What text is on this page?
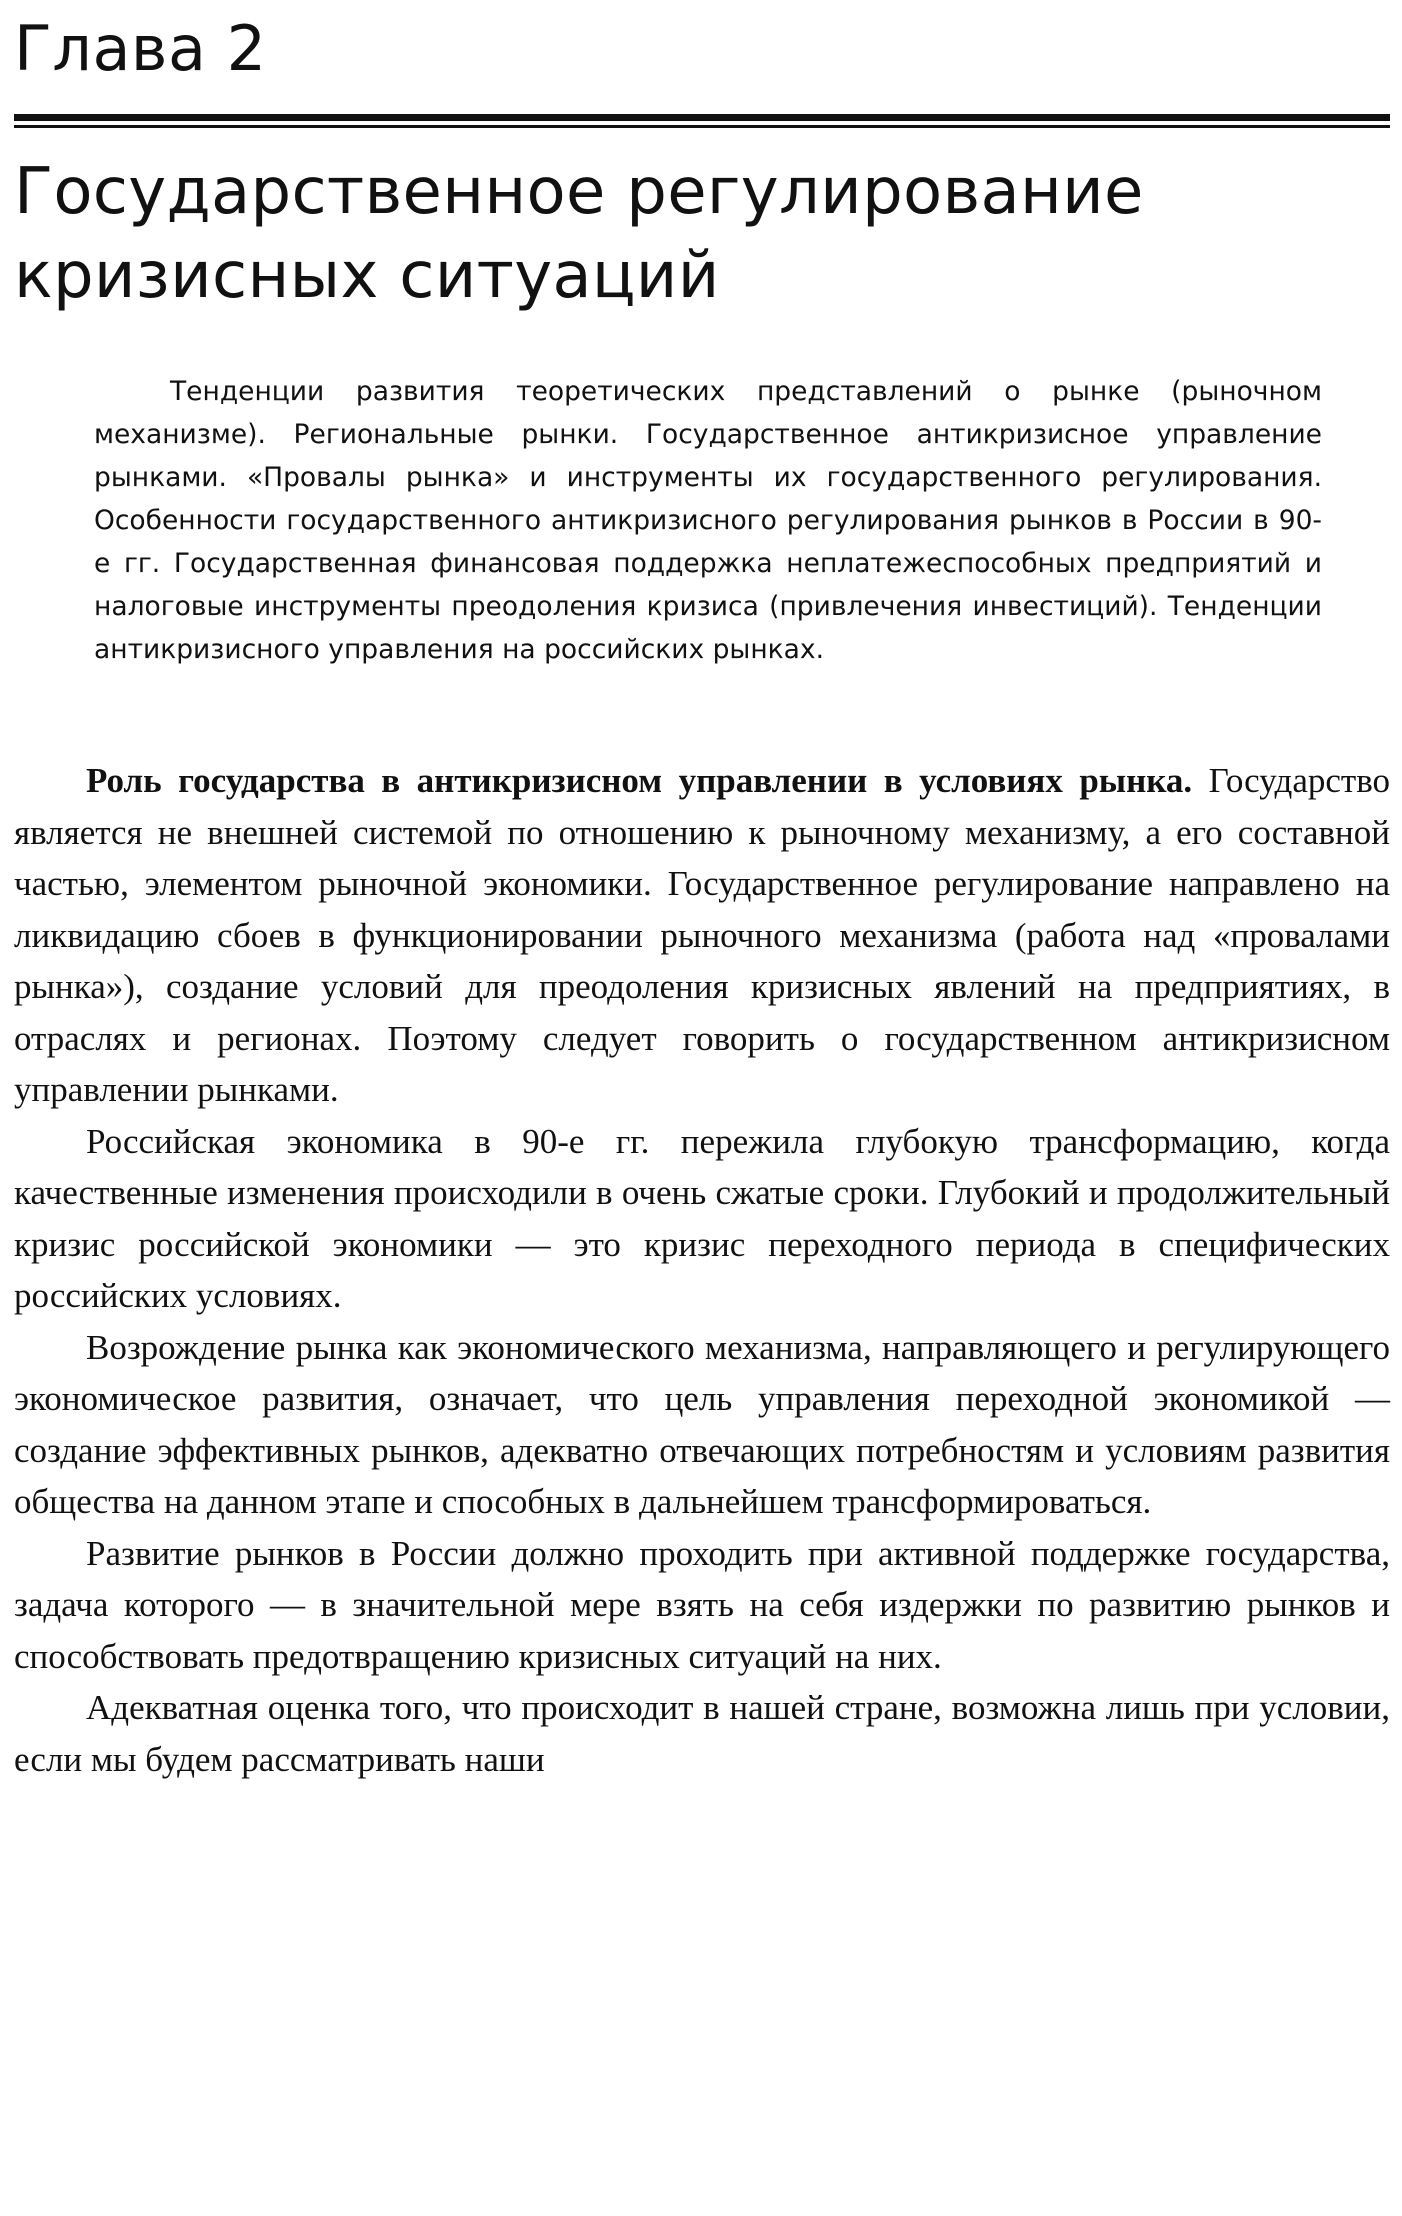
Глава 2
Государственное регулирование
кризисных ситуаций

Тенденции развития теоретических представлений о рынке (рыночном механизме). Региональные рынки. Государственное антикризисное управление рынками. «Провалы рынка» и инструменты их государственного регулирования. Особенности государственного антикризисного регулирования рынков в России в 90-е гг. Государственная финансовая поддержка неплатежеспособных предприятий и налоговые инструменты преодоления кризиса (привлечения инвестиций). Тенденции антикризисного управления на российских рынках.

Роль государства в антикризисном управлении в условиях рынка. Государство является не внешней системой по отношению к рыночному механизму, а его составной частью, элементом рыночной экономики. Государственное регулирование направлено на ликвидацию сбоев в функционировании рыночного механизма (работа над «провалами рынка»), создание условий для преодоления кризисных явлений на предприятиях, в отраслях и регионах. Поэтому следует говорить о государственном антикризисном управлении рынками.

Российская экономика в 90-е гг. пережила глубокую трансформацию, когда качественные изменения происходили в очень сжатые сроки. Глубокий и продолжительный кризис российской экономики — это кризис переходного периода в специфических российских условиях.

Возрождение рынка как экономического механизма, направляющего и регулирующего экономическое развития, означает, что цель управления переходной экономикой — создание эффективных рынков, адекватно отвечающих потребностям и условиям развития общества на данном этапе и способных в дальнейшем трансформироваться.

Развитие рынков в России должно проходить при активной поддержке государства, задача которого — в значительной мере взять на себя издержки по развитию рынков и способствовать предотвращению кризисных ситуаций на них.

Адекватная оценка того, что происходит в нашей стране, возможна лишь при условии, если мы будем рассматривать наши
